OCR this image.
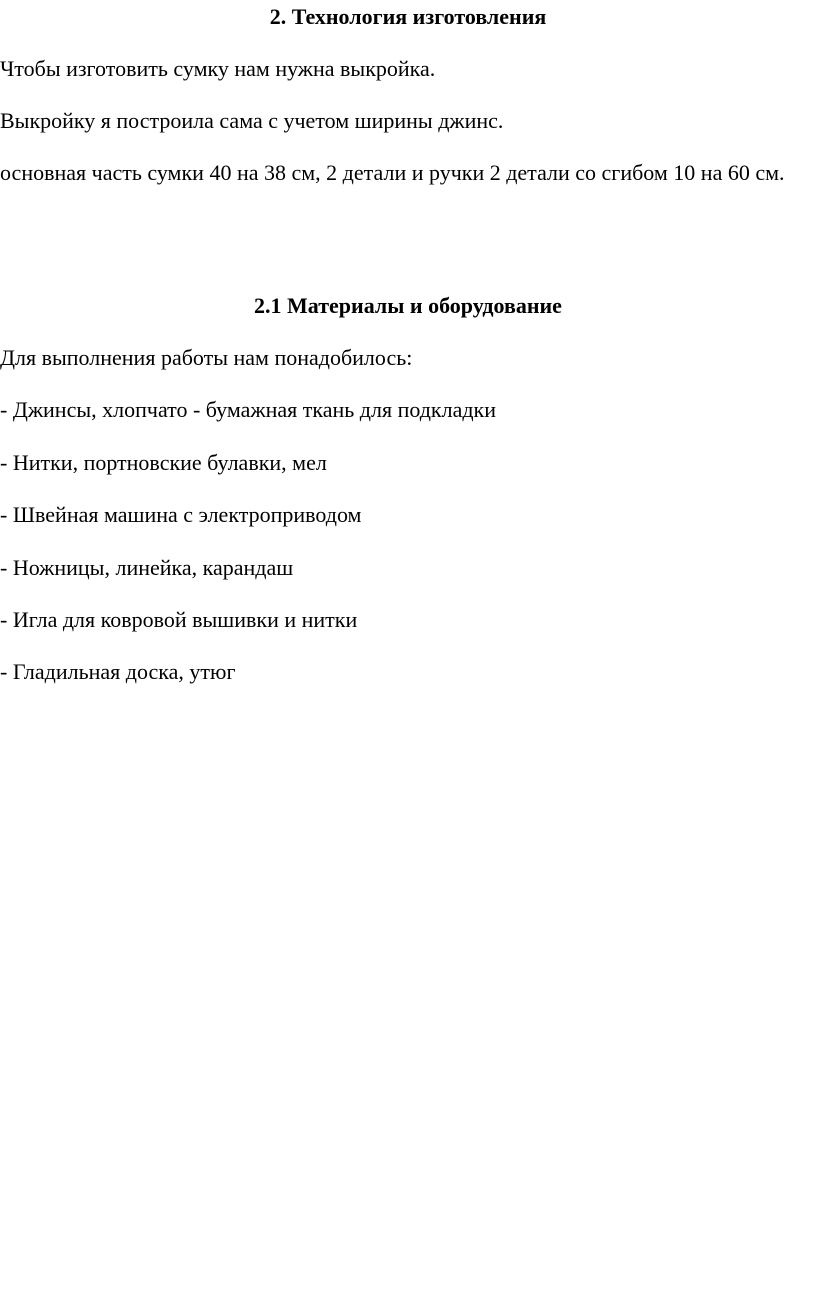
2. Технология изготовления

Чтобы изготовить сумку нам нужна выкройка.

Выкройку я построила сама с учетом ширины джинс.

основная часть сумки 40 на 38 см, 2 детали и ручки 2 детали со сгибом 10 на 60 см.

2.1 Материалы и оборудование

Для выполнения работы нам понадобилось:

- Джинсы, хлопчато - бумажная ткань для подкладки

- Нитки, портновские булавки, мел

- Швейная машина с электроприводом

- Ножницы, линейка, карандаш

- Игла для ковровой вышивки и нитки

- Гладильная доска, утюг
